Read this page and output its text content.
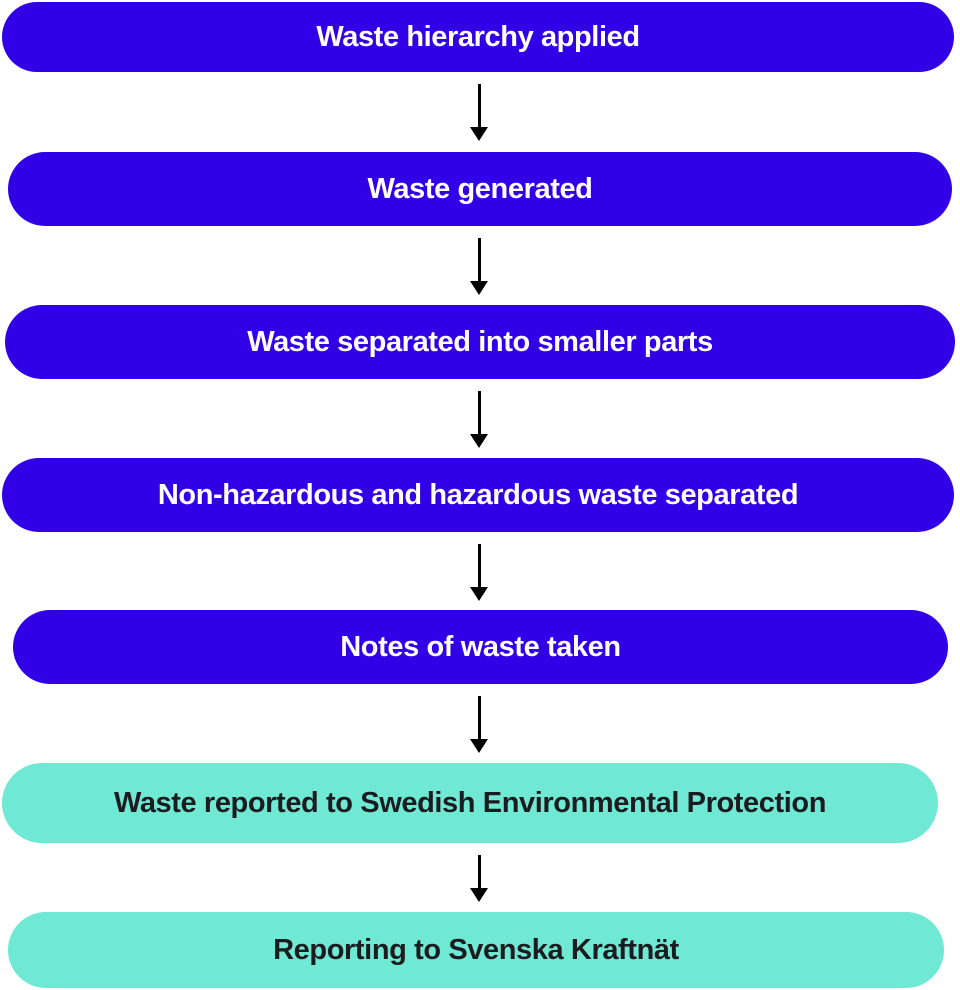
Waste hierarchy applied
Waste generated
Waste separated into smaller parts
Non-hazardous and hazardous waste separated
Notes of waste taken
Waste reported to Swedish Environmental Protection
Reporting to Svenska Kraftnät
